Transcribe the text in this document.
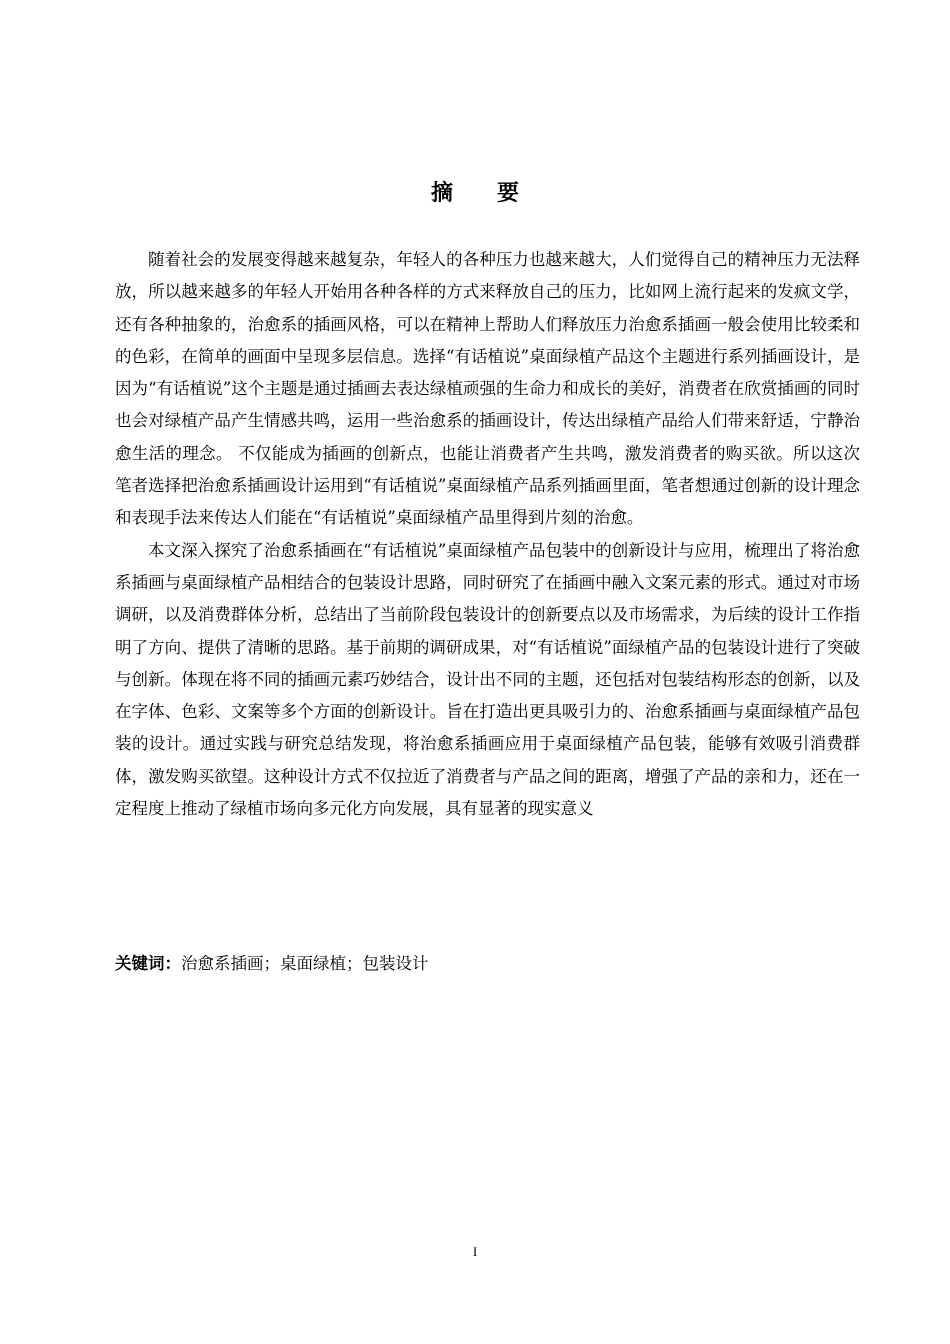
摘 要

随着社会的发展变得越来越复杂，年轻人的各种压力也越来越大，人们觉得自己的精神压力无法释放，所以越来越多的年轻人开始用各种各样的方式来释放自己的压力，比如网上流行起来的发疯文学，还有各种抽象的，治愈系的插画风格，可以在精神上帮助人们释放压力治愈系插画一般会使用比较柔和的色彩，在简单的画面中呈现多层信息。选择“有话植说”桌面绿植产品这个主题进行系列插画设计，是因为“有话植说”这个主题是通过插画去表达绿植顽强的生命力和成长的美好，消费者在欣赏插画的同时也会对绿植产品产生情感共鸣，运用一些治愈系的插画设计，传达出绿植产品给人们带来舒适，宁静治愈生活的理念。 不仅能成为插画的创新点，也能让消费者产生共鸣，激发消费者的购买欲。所以这次笔者选择把治愈系插画设计运用到“有话植说”桌面绿植产品系列插画里面，笔者想通过创新的设计理念和表现手法来传达人们能在“有话植说”桌面绿植产品里得到片刻的治愈。

本文深入探究了治愈系插画在“有话植说”桌面绿植产品包装中的创新设计与应用，梳理出了将治愈系插画与桌面绿植产品相结合的包装设计思路，同时研究了在插画中融入文案元素的形式。通过对市场调研，以及消费群体分析，总结出了当前阶段包装设计的创新要点以及市场需求，为后续的设计工作指明了方向、提供了清晰的思路。基于前期的调研成果，对“有话植说”面绿植产品的包装设计进行了突破与创新。体现在将不同的插画元素巧妙结合，设计出不同的主题，还包括对包装结构形态的创新，以及在字体、色彩、文案等多个方面的创新设计。旨在打造出更具吸引力的、治愈系插画与桌面绿植产品包装的设计。通过实践与研究总结发现，将治愈系插画应用于桌面绿植产品包装，能够有效吸引消费群体，激发购买欲望。这种设计方式不仅拉近了消费者与产品之间的距离，增强了产品的亲和力，还在一定程度上推动了绿植市场向多元化方向发展，具有显著的现实意义

关键词：治愈系插画；桌面绿植；包装设计
I
